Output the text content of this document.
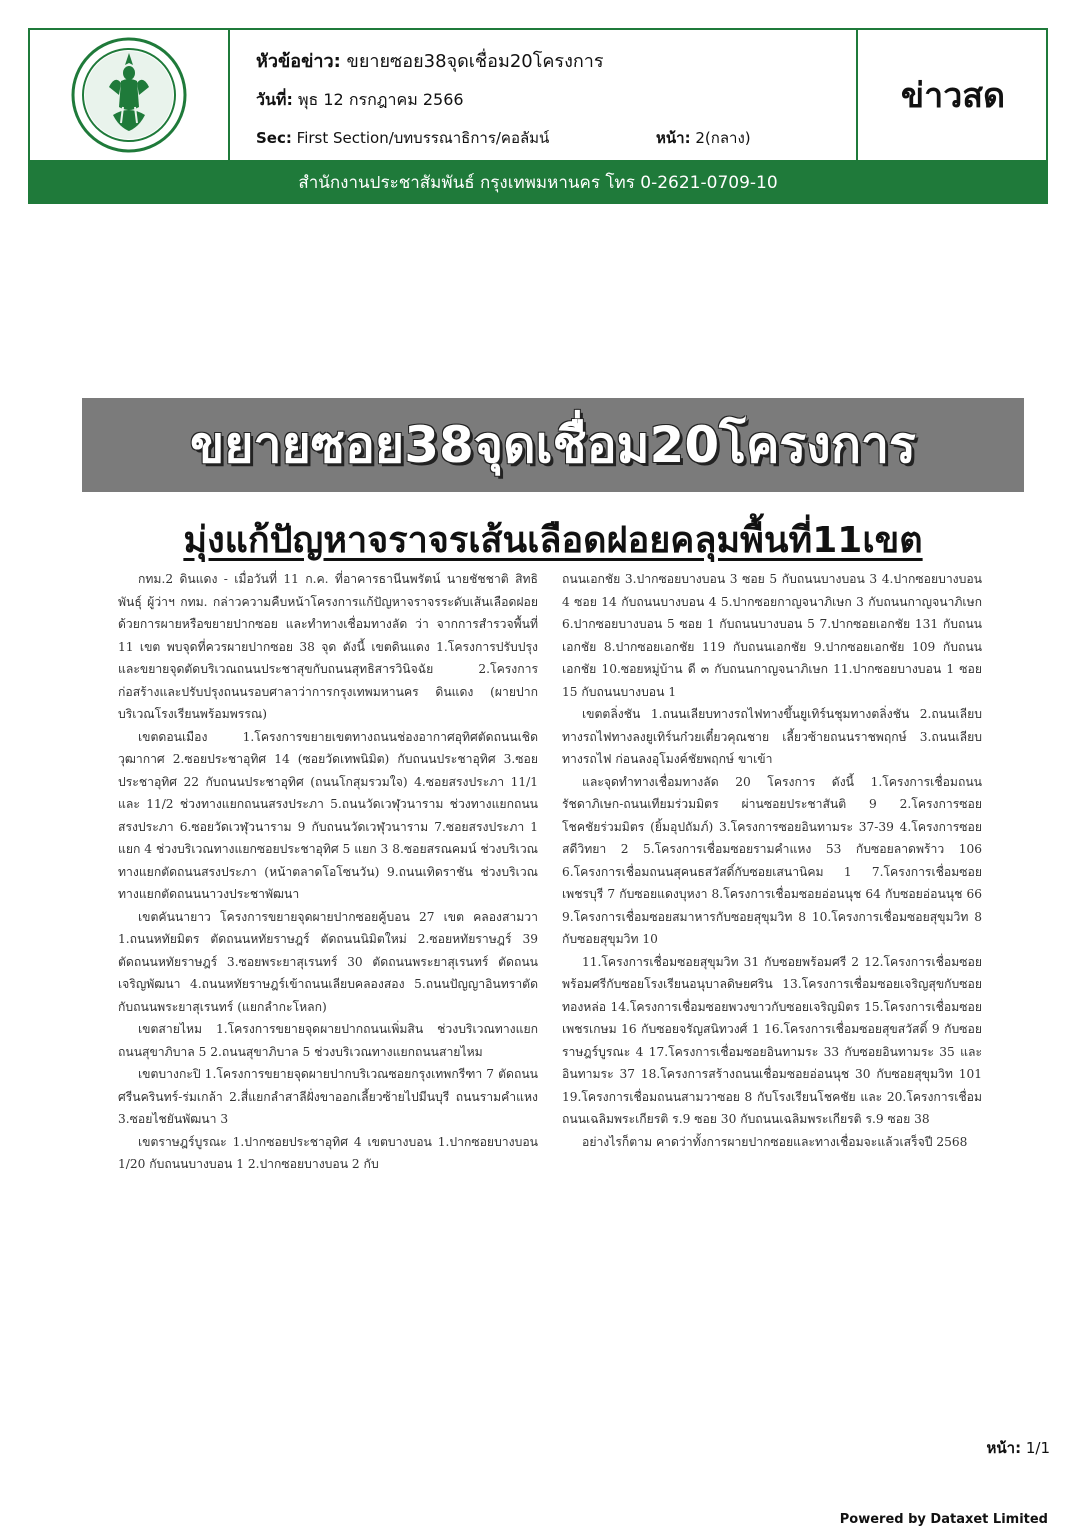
หัวข้อข่าว: ขยายซอย38จุดเชื่อม20โครงการ
วันที่: พุธ 12 กรกฎาคม 2566
Sec: First Section/บทบรรณาธิการ/คอลัมน์	หน้า: 2(กลาง)
ข่าวสด
สำนักงานประชาสัมพันธ์ กรุงเทพมหานคร โทร 0-2621-0709-10
ขยายซอย38จุดเชื่อม20โครงการ
มุ่งแก้ปัญหาจราจรเส้นเลือดฝอยคลุมพื้นที่11เขต

กทม.2 ดินแดง - เมื่อวันที่ 11 ก.ค. ที่อาคารธานีนพรัตน์ นายชัชชาติ สิทธิพันธุ์ ผู้ว่าฯ กทม. กล่าวความคืบหน้าโครงการแก้ปัญหาจราจรระดับเส้นเลือดฝอย ด้วยการผายหรือขยายปากซอย และทำทางเชื่อมทางลัด ว่า จากการสำรวจพื้นที่ 11 เขต พบจุดที่ควรผายปากซอย 38 จุด ดังนี้ เขตดินแดง 1.โครงการปรับปรุงและขยายจุดตัดบริเวณถนนประชาสุขกับถนนสุทธิสารวินิจฉัย 2.โครงการก่อสร้างและปรับปรุงถนนรอบศาลาว่าการกรุงเทพมหานคร ดินแดง (ผายปากบริเวณโรงเรียนพร้อมพรรณ)

เขตดอนเมือง 1.โครงการขยายเขตทางถนนช่องอากาศอุทิศตัดถนนเชิดวุฒากาศ 2.ซอยประชาอุทิศ 14 (ซอยวัดเทพนิมิต) กับถนนประชาอุทิศ 3.ซอยประชาอุทิศ 22 กับถนนประชาอุทิศ (ถนนโกสุมรวมใจ) 4.ซอยสรงประภา 11/1 และ 11/2 ช่วงทางแยกถนนสรงประภา 5.ถนนวัดเวฬุวนาราม ช่วงทางแยกถนนสรงประภา 6.ซอยวัดเวฬุวนาราม 9 กับถนนวัดเวฬุวนาราม 7.ซอยสรงประภา 1 แยก 4 ช่วงบริเวณทางแยกซอยประชาอุทิศ 5 แยก 3 8.ซอยสรณคมน์ ช่วงบริเวณทางแยกตัดถนนสรงประภา (หน้าตลาดโอโซนวัน) 9.ถนนเทิดราชัน ช่วงบริเวณทางแยกตัดถนนนาวงประชาพัฒนา

เขตคันนายาว โครงการขยายจุดผายปากซอยคู้บอน 27 เขต คลองสามวา 1.ถนนหทัยมิตร ตัดถนนหทัยราษฎร์ ตัดถนนนิมิตใหม่ 2.ซอยหทัยราษฎร์ 39 ตัดถนนหทัยราษฎร์ 3.ซอยพระยาสุเรนทร์ 30 ตัดถนนพระยาสุเรนทร์ ตัดถนนเจริญพัฒนา 4.ถนนหทัยราษฎร์เข้าถนนเลียบคลองสอง 5.ถนนปัญญาอินทราตัดกับถนนพระยาสุเรนทร์ (แยกลำกะโหลก)

เขตสายไหม 1.โครงการขยายจุดผายปากถนนเพิ่มสิน ช่วงบริเวณทางแยกถนนสุขาภิบาล 5 2.ถนนสุขาภิบาล 5 ช่วงบริเวณทางแยกถนนสายไหม

เขตบางกะปิ 1.โครงการขยายจุดผายปากบริเวณซอยกรุงเทพกรีฑา 7 ตัดถนนศรีนครินทร์-ร่มเกล้า 2.สี่แยกลำสาลีฝั่งขาออกเลี้ยวซ้ายไปมีนบุรี ถนนรามคำแหง 3.ซอยไชยันพัฒนา 3

เขตราษฎร์บูรณะ 1.ปากซอยประชาอุทิศ 4 เขตบางบอน 1.ปากซอยบางบอน 1/20 กับถนนบางบอน 1 2.ปากซอยบางบอน 2 กับ

ถนนเอกชัย 3.ปากซอยบางบอน 3 ซอย 5 กับถนนบางบอน 3 4.ปากซอยบางบอน 4 ซอย 14 กับถนนบางบอน 4 5.ปากซอยกาญจนาภิเษก 3 กับถนนกาญจนาภิเษก 6.ปากซอยบางบอน 5 ซอย 1 กับถนนบางบอน 5 7.ปากซอยเอกชัย 131 กับถนนเอกชัย 8.ปากซอยเอกชัย 119 กับถนนเอกชัย 9.ปากซอยเอกชัย 109 กับถนนเอกชัย 10.ซอยหมู่บ้าน ดี ๓ กับถนนกาญจนาภิเษก 11.ปากซอยบางบอน 1 ซอย 15 กับถนนบางบอน 1

เขตตลิ่งชัน 1.ถนนเลียบทางรถไฟทางขึ้นยูเทิร์นชุมทางตลิ่งชัน 2.ถนนเลียบทางรถไฟทางลงยูเทิร์นก๋วยเตี๋ยวคุณชาย เลี้ยวซ้ายถนนราชพฤกษ์ 3.ถนนเลียบทางรถไฟ ก่อนลงอุโมงค์ชัยพฤกษ์ ขาเข้า

และจุดทำทางเชื่อมทางลัด 20 โครงการ ดังนี้ 1.โครงการเชื่อมถนนรัชดาภิเษก-ถนนเทียมร่วมมิตร ผ่านซอยประชาสันติ 9 2.โครงการซอยโชคชัยร่วมมิตร (ยิ้มอุปถัมภ์) 3.โครงการซอยอินทามระ 37-39 4.โครงการซอยสดีวิทยา 2 5.โครงการเชื่อมซอยรามคำแหง 53 กับซอยลาดพร้าว 106 6.โครงการเชื่อมถนนสุคนธสวัสดิ์กับซอยเสนานิคม 1 7.โครงการเชื่อมซอยเพชรบุรี 7 กับซอยแดงบุหงา 8.โครงการเชื่อมซอยอ่อนนุช 64 กับซอยอ่อนนุช 66 9.โครงการเชื่อมซอยสมาหารกับซอยสุขุมวิท 8 10.โครงการเชื่อมซอยสุขุมวิท 8 กับซอยสุขุมวิท 10

11.โครงการเชื่อมซอยสุขุมวิท 31 กับซอยพร้อมศรี 2 12.โครงการเชื่อมซอยพร้อมศรีกับซอยโรงเรียนอนุบาลดิษยศริน 13.โครงการเชื่อมซอยเจริญสุขกับซอยทองหล่อ 14.โครงการเชื่อมซอยพวงขาวกับซอยเจริญมิตร 15.โครงการเชื่อมซอยเพชรเกษม 16 กับซอยจรัญสนิทวงศ์ 1 16.โครงการเชื่อมซอยสุขสวัสดิ์ 9 กับซอยราษฎร์บูรณะ 4 17.โครงการเชื่อมซอยอินทามระ 33 กับซอยอินทามระ 35 และอินทามระ 37 18.โครงการสร้างถนนเชื่อมซอยอ่อนนุช 30 กับซอยสุขุมวิท 101 19.โครงการเชื่อมถนนสามวาซอย 8 กับโรงเรียนโชคชัย และ 20.โครงการเชื่อมถนนเฉลิมพระเกียรติ ร.9 ซอย 30 กับถนนเฉลิมพระเกียรติ ร.9 ซอย 38

อย่างไรก็ตาม คาดว่าทั้งการผายปากซอยและทางเชื่อมจะแล้วเสร็จปี 2568

หน้า: 1/1
Powered by Dataxet Limited
